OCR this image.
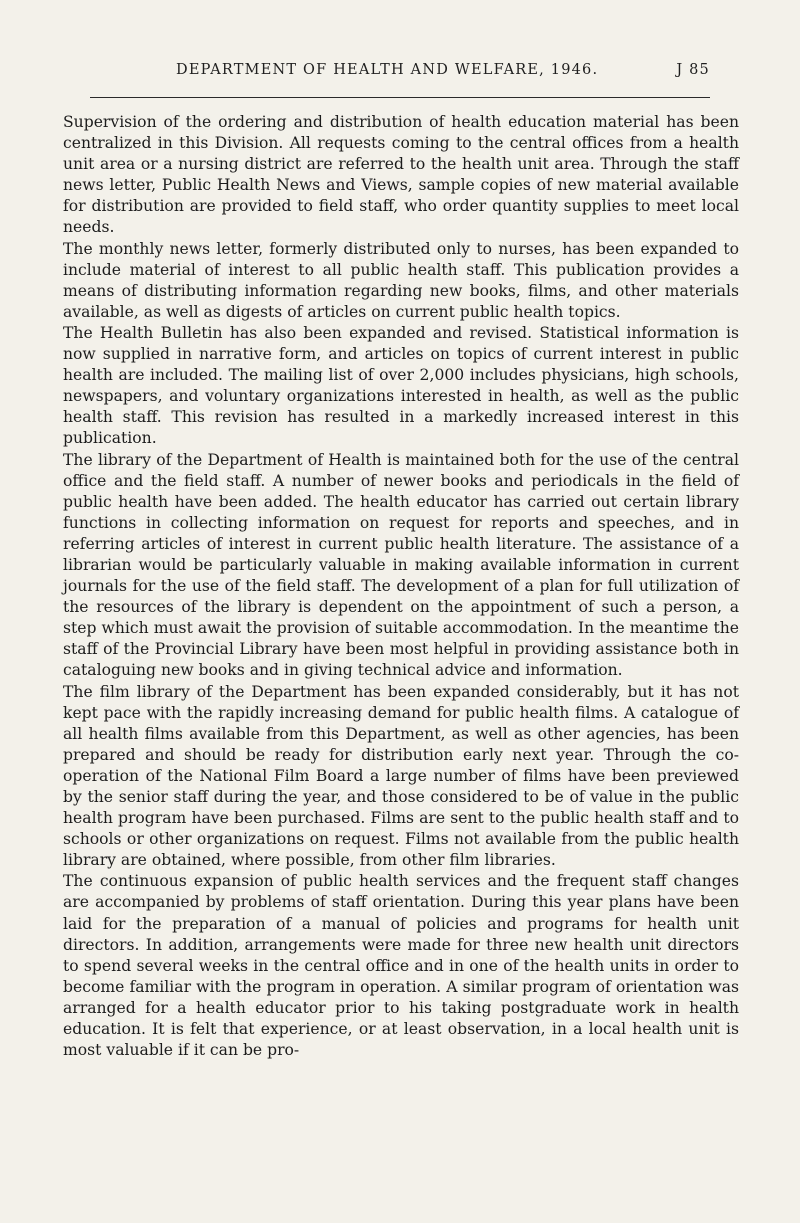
DEPARTMENT OF HEALTH AND WELFARE, 1946.	J 85

Supervision of the ordering and distribution of health education material has been centralized in this Division. All requests coming to the central offices from a health unit area or a nursing district are referred to the health unit area. Through the staff news letter, Public Health News and Views, sample copies of new material available for distribution are provided to field staff, who order quantity supplies to meet local needs.

The monthly news letter, formerly distributed only to nurses, has been expanded to include material of interest to all public health staff. This publication provides a means of distributing information regarding new books, films, and other materials available, as well as digests of articles on current public health topics.

The Health Bulletin has also been expanded and revised. Statistical information is now supplied in narrative form, and articles on topics of current interest in public health are included. The mailing list of over 2,000 includes physicians, high schools, newspapers, and voluntary organizations interested in health, as well as the public health staff. This revision has resulted in a markedly increased interest in this publication.

The library of the Department of Health is maintained both for the use of the central office and the field staff. A number of newer books and periodicals in the field of public health have been added. The health educator has carried out certain library functions in collecting information on request for reports and speeches, and in referring articles of interest in current public health literature. The assistance of a librarian would be particularly valuable in making available information in current journals for the use of the field staff. The development of a plan for full utilization of the resources of the library is dependent on the appointment of such a person, a step which must await the provision of suitable accommodation. In the meantime the staff of the Provincial Library have been most helpful in providing assistance both in cataloguing new books and in giving technical advice and information.

The film library of the Department has been expanded considerably, but it has not kept pace with the rapidly increasing demand for public health films. A catalogue of all health films available from this Department, as well as other agencies, has been prepared and should be ready for distribution early next year. Through the co-operation of the National Film Board a large number of films have been previewed by the senior staff during the year, and those considered to be of value in the public health program have been purchased. Films are sent to the public health staff and to schools or other organizations on request. Films not available from the public health library are obtained, where possible, from other film libraries.

The continuous expansion of public health services and the frequent staff changes are accompanied by problems of staff orientation. During this year plans have been laid for the preparation of a manual of policies and programs for health unit directors. In addition, arrangements were made for three new health unit directors to spend several weeks in the central office and in one of the health units in order to become familiar with the program in operation. A similar program of orientation was arranged for a health educator prior to his taking postgraduate work in health education. It is felt that experience, or at least observation, in a local health unit is most valuable if it can be pro-
